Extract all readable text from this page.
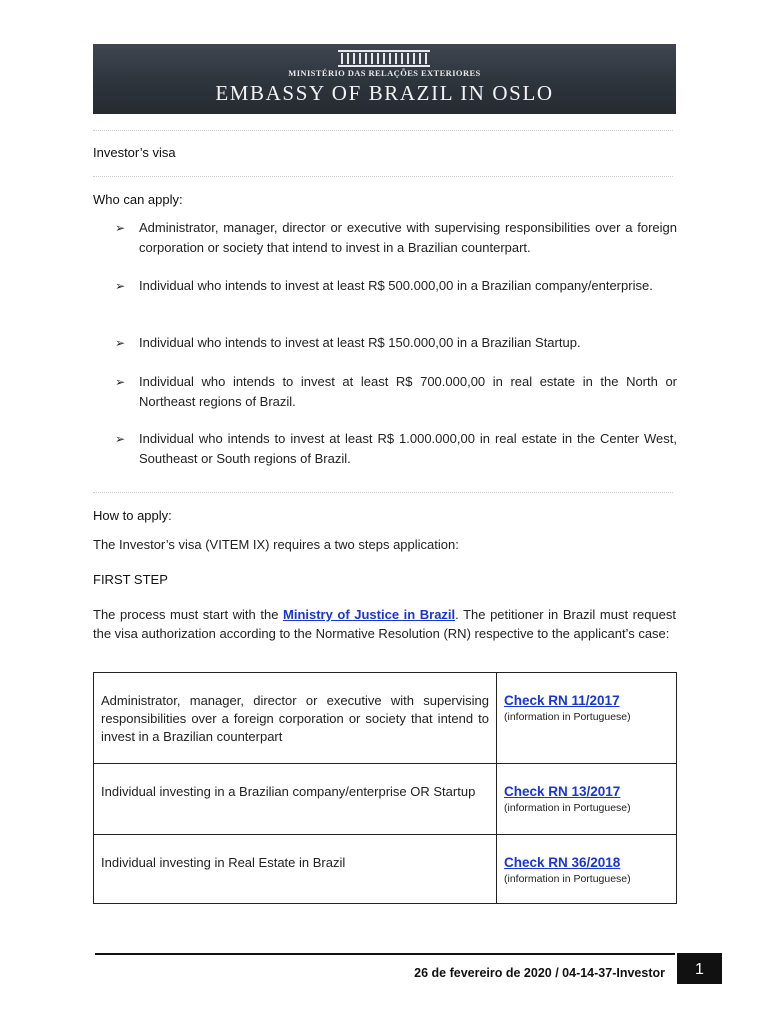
MINISTÉRIO DAS RELAÇÕES EXTERIORES
EMBASSY OF BRAZIL IN OSLO
Investor’s visa
Who can apply:
➢ Administrator, manager, director or executive with supervising responsibilities over a foreign corporation or society that intend to invest in a Brazilian counterpart.
➢ Individual who intends to invest at least R$ 500.000,00 in a Brazilian company/enterprise.
➢ Individual who intends to invest at least R$ 150.000,00 in a Brazilian Startup.
➢ Individual who intends to invest at least R$ 700.000,00 in real estate in the North or Northeast regions of Brazil.
➢ Individual who intends to invest at least R$ 1.000.000,00 in real estate in the Center West, Southeast or South regions of Brazil.
How to apply:
The Investor’s visa (VITEM IX) requires a two steps application:
FIRST STEP
The process must start with the Ministry of Justice in Brazil. The petitioner in Brazil must request the visa authorization according to the Normative Resolution (RN) respective to the applicant’s case:
Administrator, manager, director or executive with supervising responsibilities over a foreign corporation or society that intend to invest in a Brazilian counterpart	Check RN 11/2017
(information in Portuguese)

Individual investing in a Brazilian company/enterprise OR Startup	Check RN 13/2017
(information in Portuguese)

Individual investing in Real Estate in Brazil	Check RN 36/2018
(information in Portuguese)
26 de fevereiro de 2020 / 04-14-37-Investor	1
